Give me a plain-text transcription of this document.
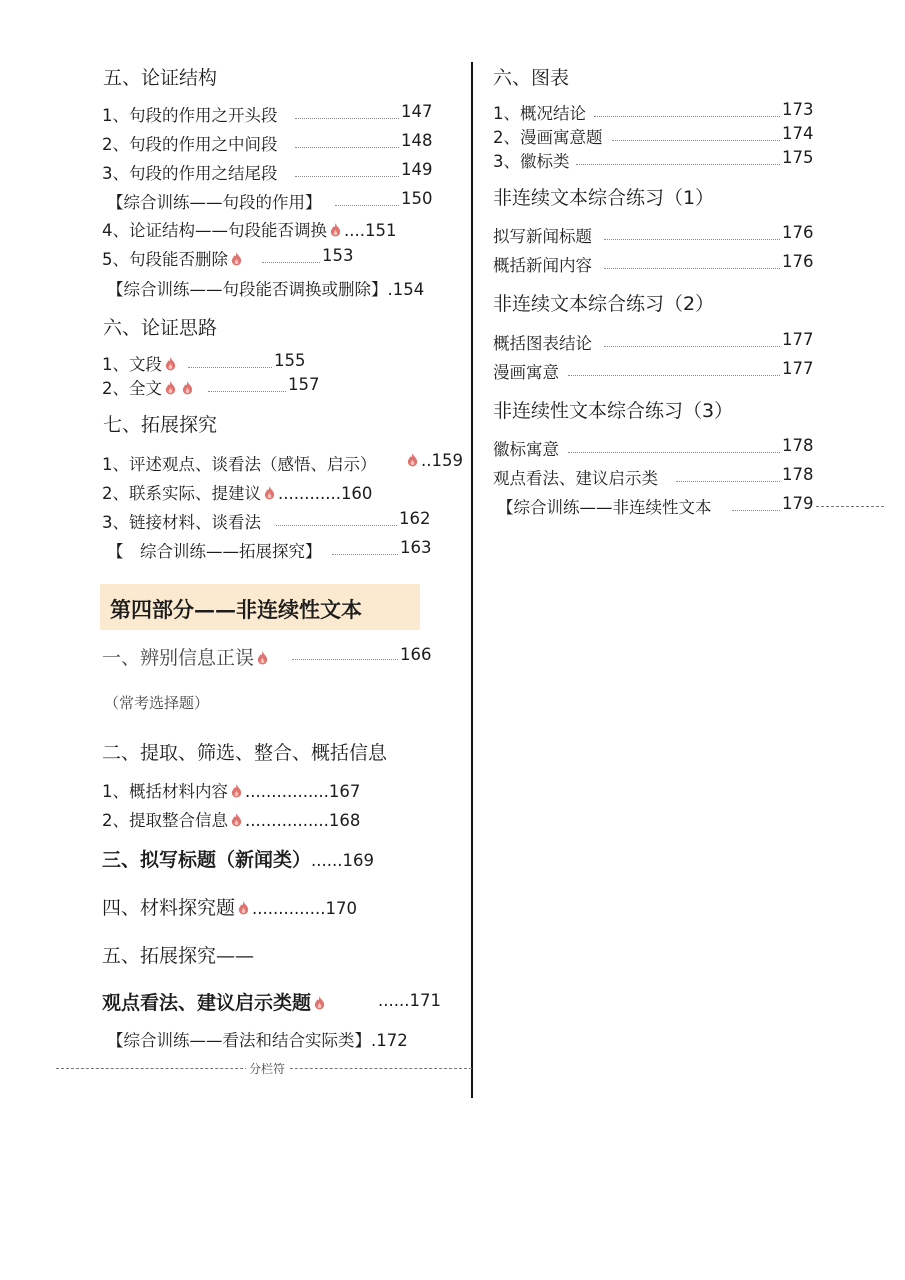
五、论证结构
1、句段的作用之开头段	147
2、句段的作用之中间段	148
3、句段的作用之结尾段	149
【综合训练——句段的作用】	150
4、论证结构——句段能否调换 ....151
5、句段能否删除	153
【综合训练——句段能否调换或删除】.154
六、论证思路
1、文段	155
2、全文	157
七、拓展探究
1、评述观点、谈看法（感悟、启示）	..159
2、联系实际、提建议 ............160
3、链接材料、谈看法	162
【　综合训练——拓展探究】	163
第四部分——非连续性文本
一、辨别信息正误	166
（常考选择题）
二、提取、筛选、整合、概括信息
1、概括材料内容 ................167
2、提取整合信息 ................168
三、拟写标题（新闻类）......169
四、材料探究题 ..............170
五、拓展探究——
观点看法、建议启示类题	......171
【综合训练——看法和结合实际类】.172
分栏符
六、图表
1、概况结论	173
2、漫画寓意题	174
3、徽标类	175
非连续文本综合练习（1）
拟写新闻标题	176
概括新闻内容	176
非连续文本综合练习（2）
概括图表结论	177
漫画寓意	177
非连续性文本综合练习（3）
徽标寓意	178
观点看法、建议启示类	178
【综合训练——非连续性文本	179
